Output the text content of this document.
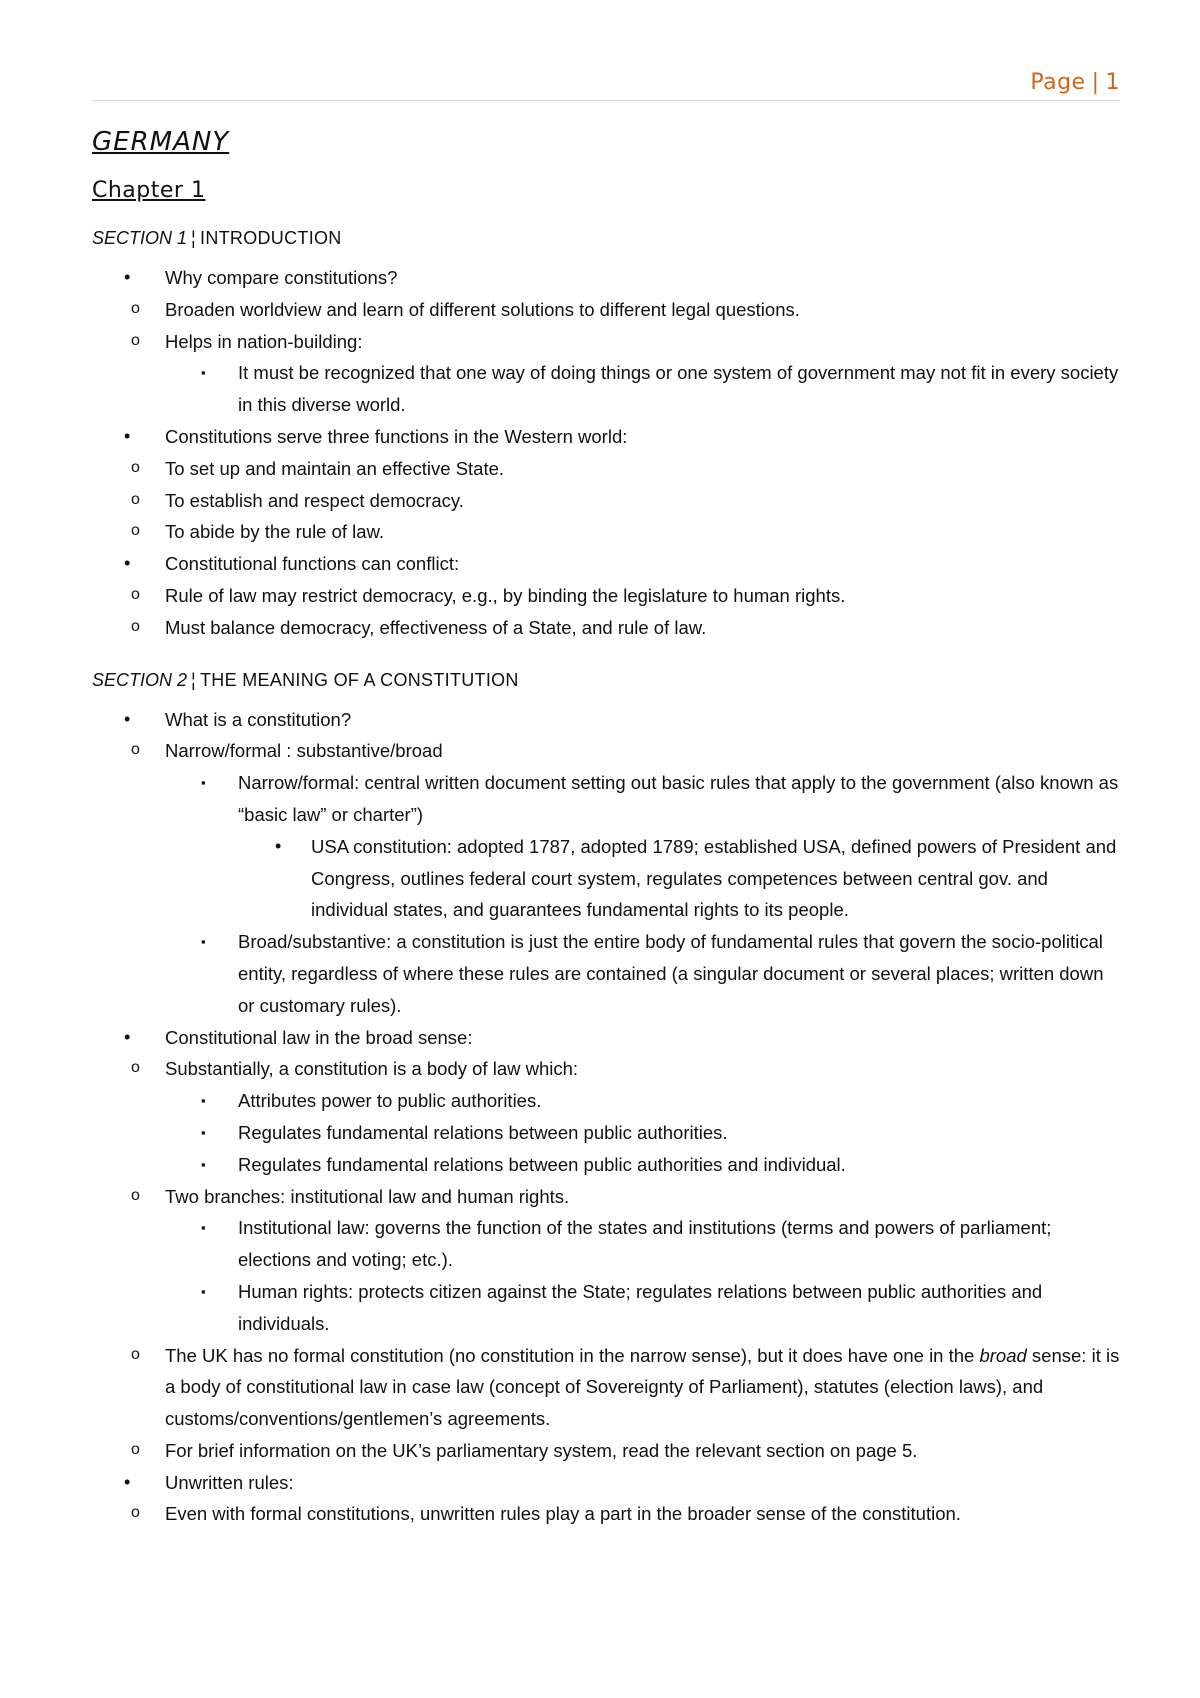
Page | 1
GERMANY
Chapter 1
SECTION 1 ¦ INTRODUCTION
• Why compare constitutions?
o Broaden worldview and learn of different solutions to different legal questions.
o Helps in nation-building:
▪ It must be recognized that one way of doing things or one system of government may not fit in every society in this diverse world.
• Constitutions serve three functions in the Western world:
o To set up and maintain an effective State.
o To establish and respect democracy.
o To abide by the rule of law.
• Constitutional functions can conflict:
o Rule of law may restrict democracy, e.g., by binding the legislature to human rights.
o Must balance democracy, effectiveness of a State, and rule of law.
SECTION 2 ¦ THE MEANING OF A CONSTITUTION
• What is a constitution?
o Narrow/formal : substantive/broad
▪ Narrow/formal: central written document setting out basic rules that apply to the government (also known as “basic law” or charter”)
• USA constitution: adopted 1787, adopted 1789; established USA, defined powers of President and Congress, outlines federal court system, regulates competences between central gov. and individual states, and guarantees fundamental rights to its people.
▪ Broad/substantive: a constitution is just the entire body of fundamental rules that govern the socio-political entity, regardless of where these rules are contained (a singular document or several places; written down or customary rules).
• Constitutional law in the broad sense:
o Substantially, a constitution is a body of law which:
▪ Attributes power to public authorities.
▪ Regulates fundamental relations between public authorities.
▪ Regulates fundamental relations between public authorities and individual.
o Two branches: institutional law and human rights.
▪ Institutional law: governs the function of the states and institutions (terms and powers of parliament; elections and voting; etc.).
▪ Human rights: protects citizen against the State; regulates relations between public authorities and individuals.
o The UK has no formal constitution (no constitution in the narrow sense), but it does have one in the broad sense: it is a body of constitutional law in case law (concept of Sovereignty of Parliament), statutes (election laws), and customs/conventions/gentlemen’s agreements.
o For brief information on the UK’s parliamentary system, read the relevant section on page 5.
• Unwritten rules:
o Even with formal constitutions, unwritten rules play a part in the broader sense of the constitution.
